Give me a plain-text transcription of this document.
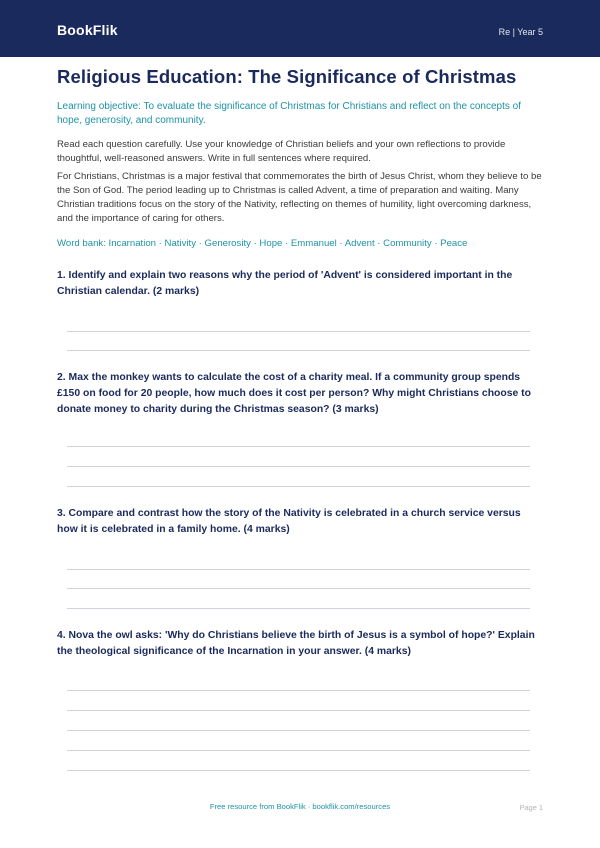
BookFlik	Re | Year 5
Religious Education: The Significance of Christmas
Learning objective: To evaluate the significance of Christmas for Christians and reflect on the concepts of hope, generosity, and community.
Read each question carefully. Use your knowledge of Christian beliefs and your own reflections to provide thoughtful, well-reasoned answers. Write in full sentences where required.
For Christians, Christmas is a major festival that commemorates the birth of Jesus Christ, whom they believe to be the Son of God. The period leading up to Christmas is called Advent, a time of preparation and waiting. Many Christian traditions focus on the story of the Nativity, reflecting on themes of humility, light overcoming darkness, and the importance of caring for others.
Word bank: Incarnation · Nativity · Generosity · Hope · Emmanuel · Advent · Community · Peace
1. Identify and explain two reasons why the period of 'Advent' is considered important in the Christian calendar. (2 marks)
2. Max the monkey wants to calculate the cost of a charity meal. If a community group spends £150 on food for 20 people, how much does it cost per person? Why might Christians choose to donate money to charity during the Christmas season? (3 marks)
3. Compare and contrast how the story of the Nativity is celebrated in a church service versus how it is celebrated in a family home. (4 marks)
4. Nova the owl asks: 'Why do Christians believe the birth of Jesus is a symbol of hope?' Explain the theological significance of the Incarnation in your answer. (4 marks)
Free resource from BookFlik · bookflik.com/resources	Page 1
